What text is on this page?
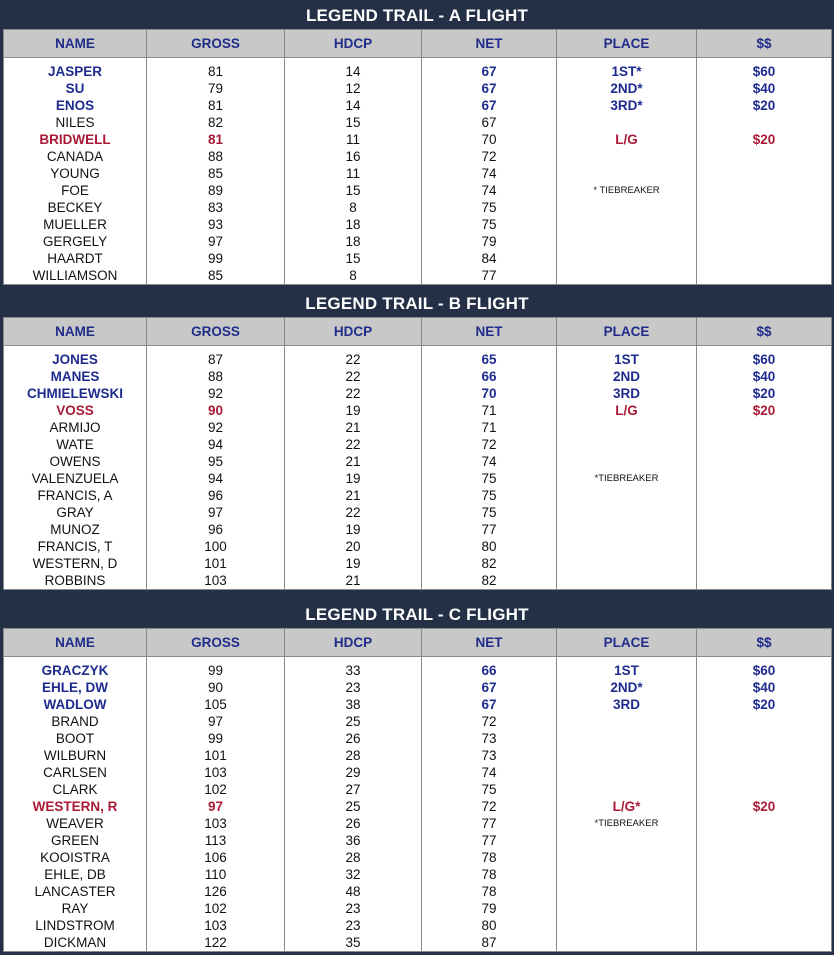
LEGEND TRAIL - A FLIGHT
NAME	GROSS	HDCP	NET	PLACE	$$

JASPER	81	14	67	1ST*	$60
SU	79	12	67	2ND*	$40
ENOS	81	14	67	3RD*	$20
NILES	82	15	67		
BRIDWELL	81	11	70	L/G	$20
CANADA	88	16	72		
YOUNG	85	11	74		
FOE	89	15	74	* TIEBREAKER	
BECKEY	83	8	75		
MUELLER	93	18	75		
GERGELY	97	18	79		
HAARDT	99	15	84		
WILLIAMSON	85	8	77		
LEGEND TRAIL - B FLIGHT
NAME	GROSS	HDCP	NET	PLACE	$$

JONES	87	22	65	1ST	$60
MANES	88	22	66	2ND	$40
CHMIELEWSKI	92	22	70	3RD	$20
VOSS	90	19	71	L/G	$20
ARMIJO	92	21	71		
WATE	94	22	72		
OWENS	95	21	74		
VALENZUELA	94	19	75	*TIEBREAKER	
FRANCIS, A	96	21	75		
GRAY	97	22	75		
MUNOZ	96	19	77		
FRANCIS, T	100	20	80		
WESTERN, D	101	19	82		
ROBBINS	103	21	82		
LEGEND TRAIL - C FLIGHT
NAME	GROSS	HDCP	NET	PLACE	$$

GRACZYK	99	33	66	1ST	$60
EHLE, DW	90	23	67	2ND*	$40
WADLOW	105	38	67	3RD	$20
BRAND	97	25	72		
BOOT	99	26	73		
WILBURN	101	28	73		
CARLSEN	103	29	74		
CLARK	102	27	75		
WESTERN, R	97	25	72	L/G*	$20
WEAVER	103	26	77	*TIEBREAKER	
GREEN	113	36	77		
KOOISTRA	106	28	78		
EHLE, DB	110	32	78		
LANCASTER	126	48	78		
RAY	102	23	79		
LINDSTROM	103	23	80		
DICKMAN	122	35	87		
